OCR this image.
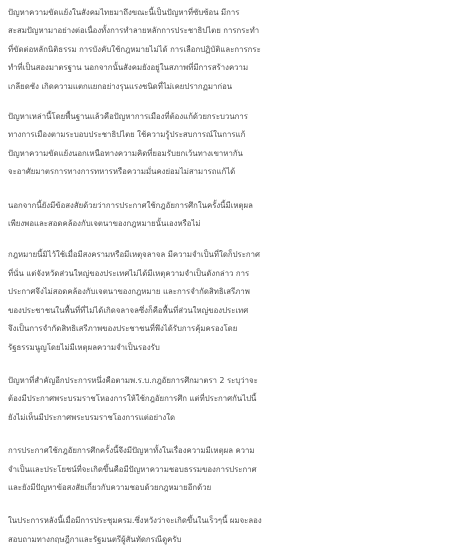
ปัญหาความขัดแย้งในสังคมไทยมาถึงขณะนี้เป็นปัญหาที่ซับซ้อน มีการ
สะสมปัญหามาอย่างต่อเนื่องทั้งการทำลายหลักการประชาธิปไตย การกระทำ
ที่ขัดต่อหลักนิติธรรม การบังคับใช้กฎหมายไม่ได้ การเลือกปฏิบัติและการกระ
ทำที่เป็นสองมาตรฐาน นอกจากนั้นสังคมยังอยู่ในสภาพที่มีการสร้างความ
เกลียดชัง เกิดความแตกแยกอย่างรุนแรงชนิดที่ไม่เคยปรากฏมาก่อน

ปัญหาเหล่านี้โดยพื้นฐานแล้วคือปัญหาการเมืองที่ต้องแก้ด้วยกระบวนการ
ทางการเมืองตามระบอบประชาธิปไตย ใช้ความรู้ประสบการณ์ในการแก้
ปัญหาความขัดแย้งนอกเหนือทางความคิดที่ยอมรับยกเว้นทางเขาหากัน
จะอาศัยมาตรการทางการทหารหรือความมั่นคงย่อมไม่สามารถแก้ได้

นอกจากนี้ยังมีข้อสงสัยด้วยว่าการประกาศใช้กฎอัยการศึกในครั้งนี้มีเหตุผล
เพียงพอและสอดคล้องกับเจตนาของกฎหมายนั้นเองหรือไม่

กฎหมายนี้มิไว้ใช้เมื่อมีสงครามหรือมีเหตุจลาจล มีความจำเป็นที่ใดก็ประกาศ
ที่นั่น แต่จังหวัดส่วนใหญ่ของประเทศไม่ได้มีเหตุความจำเป็นดังกล่าว การ
ประกาศจึงไม่สอดคล้องกับเจตนาของกฎหมาย และการจำกัดสิทธิเสรีภาพ
ของประชาชนในพื้นที่ที่ไม่ได้เกิดจลาจลซึ่งก็คือพื้นที่ส่วนใหญ่ของประเทศ
จึงเป็นการจำกัดสิทธิเสรีภาพของประชาชนที่พึงได้รับการคุ้มครองโดย
รัฐธรรมนูญโดยไม่มีเหตุผลความจำเป็นรองรับ

ปัญหาที่สำคัญอีกประการหนึ่งคือตามพ.ร.บ.กฎอัยการศึกมาตรา 2 ระบุว่าจะ
ต้องมีประกาศพระบรมราชโหองการให้ใช้กฎอัยการศึก แต่ที่ประกาศกันไปนี้
ยังไม่เห็นมีประกาศพระบรมราชโองการแต่อย่างใด

การประกาศใช้กฎอัยการศึกครั้งนี้จึงมีปัญหาทั้งในเรื่องความมีเหตุผล ความ
จำเป็นและประโยชน์ที่จะเกิดขึ้นคือมีปัญหาความชอบธรรมของการประกาศ
และยังมีปัญหาข้อสงสัยเกี่ยวกับความชอบด้วยกฎหมายอีกด้วย

ในประการหลังนี้เมื่อมีการประชุมครม.ซึ่งหวังว่าจะเกิดขึ้นในเร็วๆนี้ ผมจะลอง
สอบถามทางกฤษฎีกาและรัฐมนตรีผู้สันทัดกรณีดูครับ
